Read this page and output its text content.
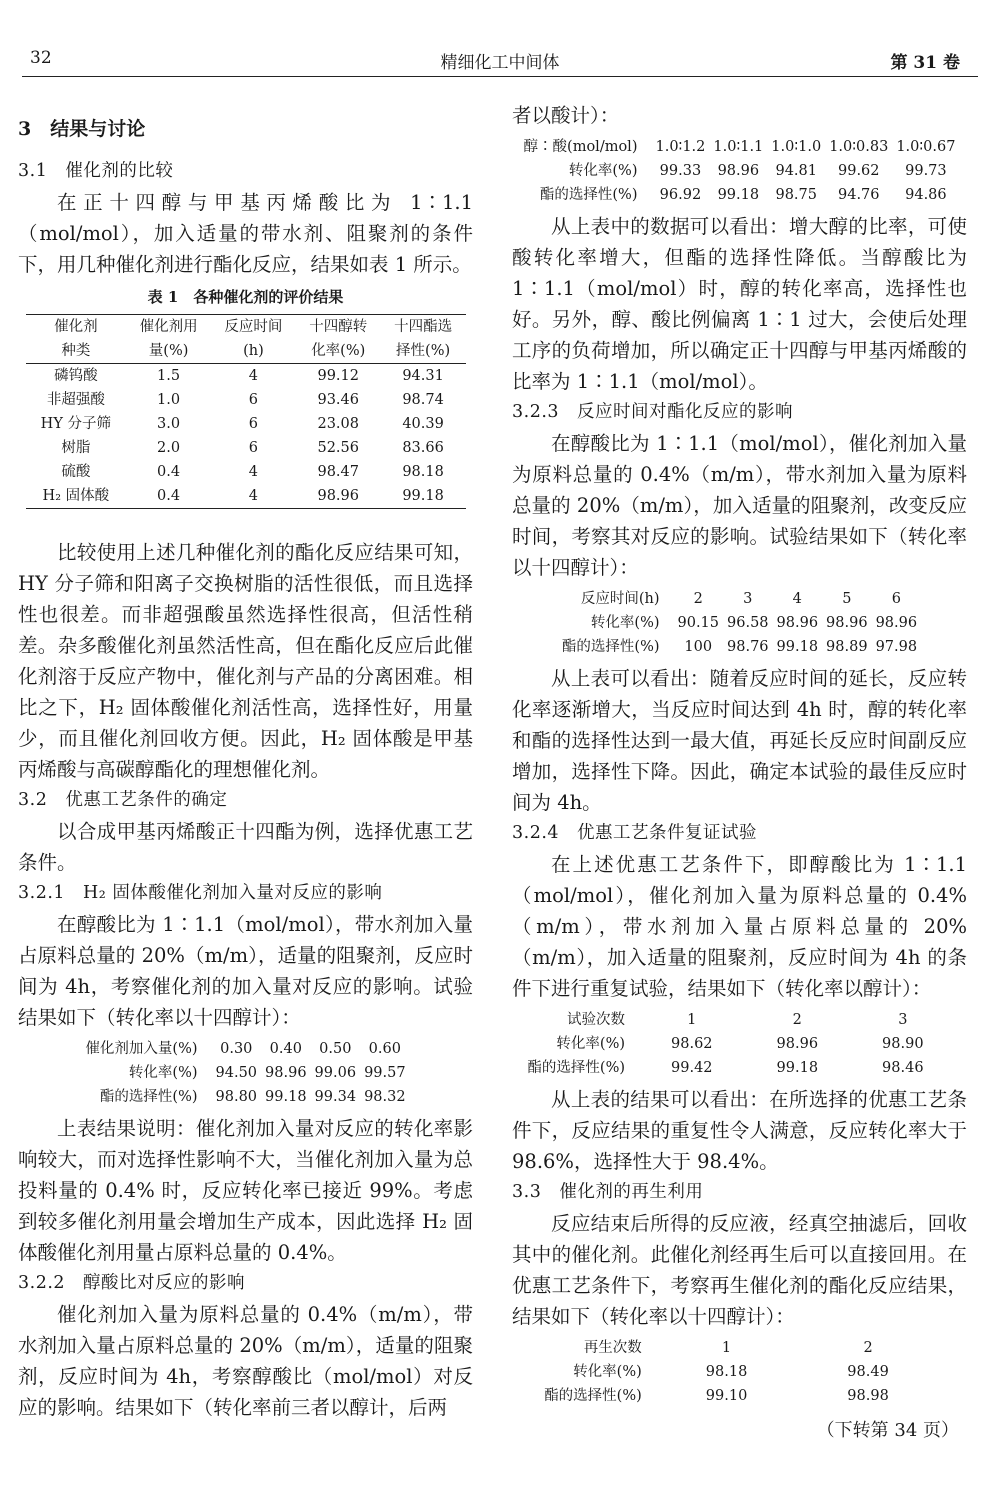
32	精细化工中间体	第 31 卷
3　结果与讨论
3.1　催化剂的比较

在正十四醇与甲基丙烯酸比为 1∶1.1（mol/mol），加入适量的带水剂、阻聚剂的条件下，用几种催化剂进行酯化反应，结果如表 1 所示。

表 1　各种催化剂的评价结果
催化剂	催化剂用	反应时间	十四醇转	十四酯选
种类	量(%)	(h)	化率(%)	择性(%)
磷钨酸	1.5	4	99.12	94.31
非超强酸	1.0	6	93.46	98.74
HY 分子筛	3.0	6	23.08	40.39
树脂	2.0	6	52.56	83.66
硫酸	0.4	4	98.47	98.18
H₂ 固体酸	0.4	4	98.96	99.18

比较使用上述几种催化剂的酯化反应结果可知，HY 分子筛和阳离子交换树脂的活性很低，而且选择性也很差。而非超强酸虽然选择性很高，但活性稍差。杂多酸催化剂虽然活性高，但在酯化反应后此催化剂溶于反应产物中，催化剂与产品的分离困难。相比之下，H₂ 固体酸催化剂活性高，选择性好，用量少，而且催化剂回收方便。因此，H₂ 固体酸是甲基丙烯酸与高碳醇酯化的理想催化剂。

3.2　优惠工艺条件的确定

以合成甲基丙烯酸正十四酯为例，选择优惠工艺条件。

3.2.1　H₂ 固体酸催化剂加入量对反应的影响

在醇酸比为 1∶1.1（mol/mol），带水剂加入量占原料总量的 20%（m/m），适量的阻聚剂，反应时间为 4h，考察催化剂的加入量对反应的影响。试验结果如下（转化率以十四醇计）：

催化剂加入量(%)	0.30	0.40	0.50	0.60
转化率(%)	94.50	98.96	99.06	99.57
酯的选择性(%)	98.80	99.18	99.34	98.32

上表结果说明：催化剂加入量对反应的转化率影响较大，而对选择性影响不大，当催化剂加入量为总投料量的 0.4% 时，反应转化率已接近 99%。考虑到较多催化剂用量会增加生产成本，因此选择 H₂ 固体酸催化剂用量占原料总量的 0.4%。

3.2.2　醇酸比对反应的影响

催化剂加入量为原料总量的 0.4%（m/m），带水剂加入量占原料总量的 20%（m/m），适量的阻聚剂，反应时间为 4h，考察醇酸比（mol/mol）对反应的影响。结果如下（转化率前三者以醇计，后两

者以酸计）：

醇∶酸(mol/mol)	1.0∶1.2	1.0∶1.1	1.0∶1.0	1.0∶0.83	1.0∶0.67
转化率(%)	99.33	98.96	94.81	99.62	99.73
酯的选择性(%)	96.92	99.18	98.75	94.76	94.86

从上表中的数据可以看出：增大醇的比率，可使酸转化率增大，但酯的选择性降低。当醇酸比为 1∶1.1（mol/mol）时，醇的转化率高，选择性也好。另外，醇、酸比例偏离 1∶1 过大，会使后处理工序的负荷增加，所以确定正十四醇与甲基丙烯酸的比率为 1∶1.1（mol/mol）。

3.2.3　反应时间对酯化反应的影响

在醇酸比为 1∶1.1（mol/mol），催化剂加入量为原料总量的 0.4%（m/m），带水剂加入量为原料总量的 20%（m/m），加入适量的阻聚剂，改变反应时间，考察其对反应的影响。试验结果如下（转化率以十四醇计）：

反应时间(h)	2	3	4	5	6
转化率(%)	90.15	96.58	98.96	98.96	98.96
酯的选择性(%)	100	98.76	99.18	98.89	97.98

从上表可以看出：随着反应时间的延长，反应转化率逐渐增大，当反应时间达到 4h 时，醇的转化率和酯的选择性达到一最大值，再延长反应时间副反应增加，选择性下降。因此，确定本试验的最佳反应时间为 4h。

3.2.4　优惠工艺条件复证试验

在上述优惠工艺条件下，即醇酸比为 1∶1.1（mol/mol），催化剂加入量为原料总量的 0.4%（m/m），带水剂加入量占原料总量的 20%（m/m），加入适量的阻聚剂，反应时间为 4h 的条件下进行重复试验，结果如下（转化率以醇计）：

试验次数	1	2	3
转化率(%)	98.62	98.96	98.90
酯的选择性(%)	99.42	99.18	98.46

从上表的结果可以看出：在所选择的优惠工艺条件下，反应结果的重复性令人满意，反应转化率大于 98.6%，选择性大于 98.4%。

3.3　催化剂的再生利用

反应结束后所得的反应液，经真空抽滤后，回收其中的催化剂。此催化剂经再生后可以直接回用。在优惠工艺条件下，考察再生催化剂的酯化反应结果，结果如下（转化率以十四醇计）：

再生次数	1	2
转化率(%)	98.18	98.49
酯的选择性(%)	99.10	98.98
（下转第 34 页）
